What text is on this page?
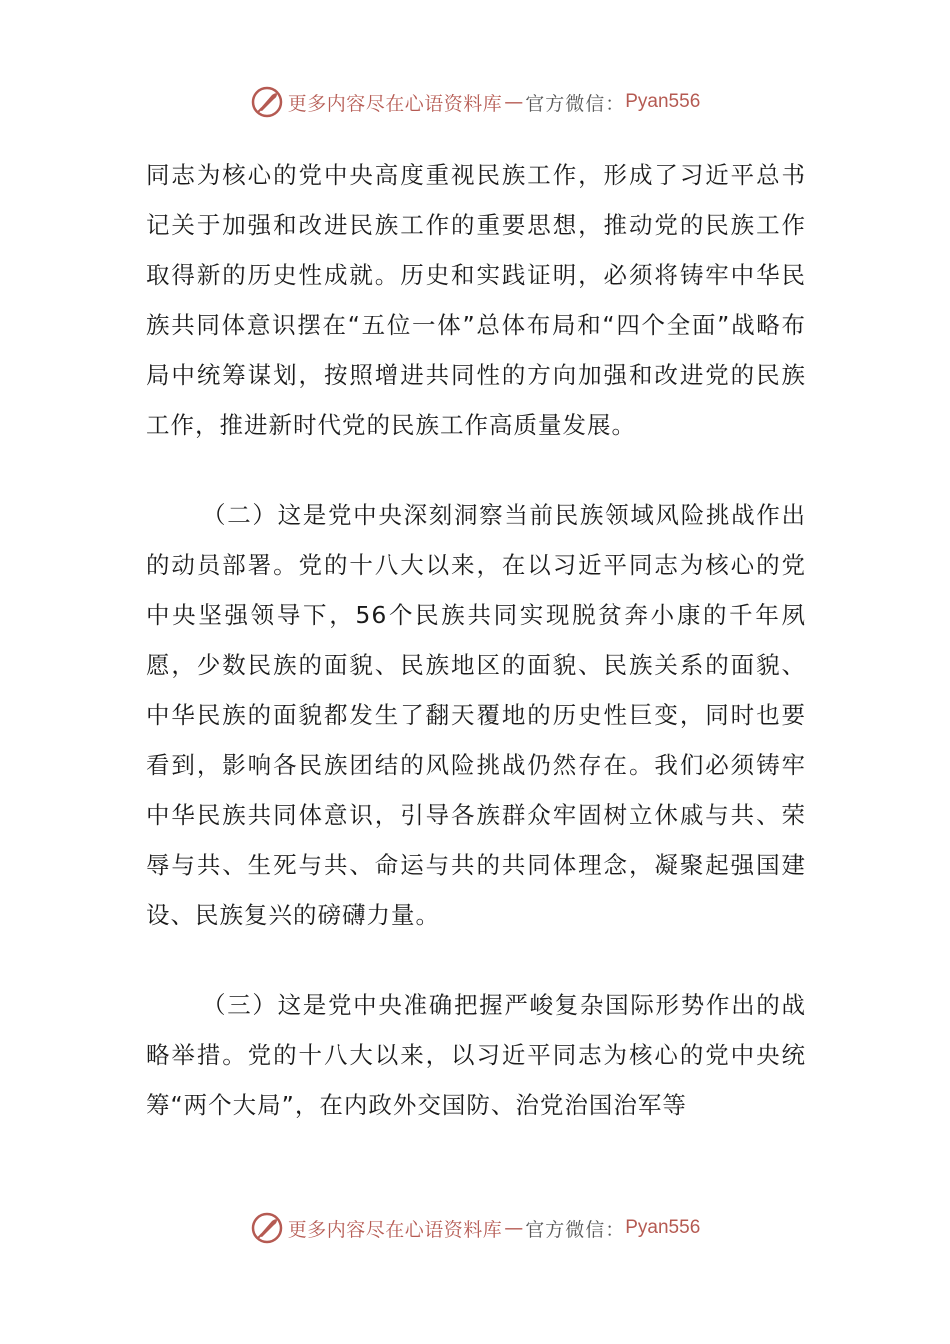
更多内容尽在心语资料库 — 官方微信： Pyan556

同志为核心的党中央高度重视民族工作，形成了习近平总书记关于加强和改进民族工作的重要思想，推动党的民族工作取得新的历史性成就。历史和实践证明，必须将铸牢中华民族共同体意识摆在“五位一体”总体布局和“四个全面”战略布局中统筹谋划，按照增进共同性的方向加强和改进党的民族工作，推进新时代党的民族工作高质量发展。

（二）这是党中央深刻洞察当前民族领域风险挑战作出的动员部署。党的十八大以来，在以习近平同志为核心的党中央坚强领导下，56个民族共同实现脱贫奔小康的千年夙愿，少数民族的面貌、民族地区的面貌、民族关系的面貌、中华民族的面貌都发生了翻天覆地的历史性巨变，同时也要看到，影响各民族团结的风险挑战仍然存在。我们必须铸牢中华民族共同体意识，引导各族群众牢固树立休戚与共、荣辱与共、生死与共、命运与共的共同体理念，凝聚起强国建设、民族复兴的磅礴力量。

（三）这是党中央准确把握严峻复杂国际形势作出的战略举措。党的十八大以来，以习近平同志为核心的党中央统筹“两个大局”，在内政外交国防、治党治国治军等

更多内容尽在心语资料库 — 官方微信： Pyan556
